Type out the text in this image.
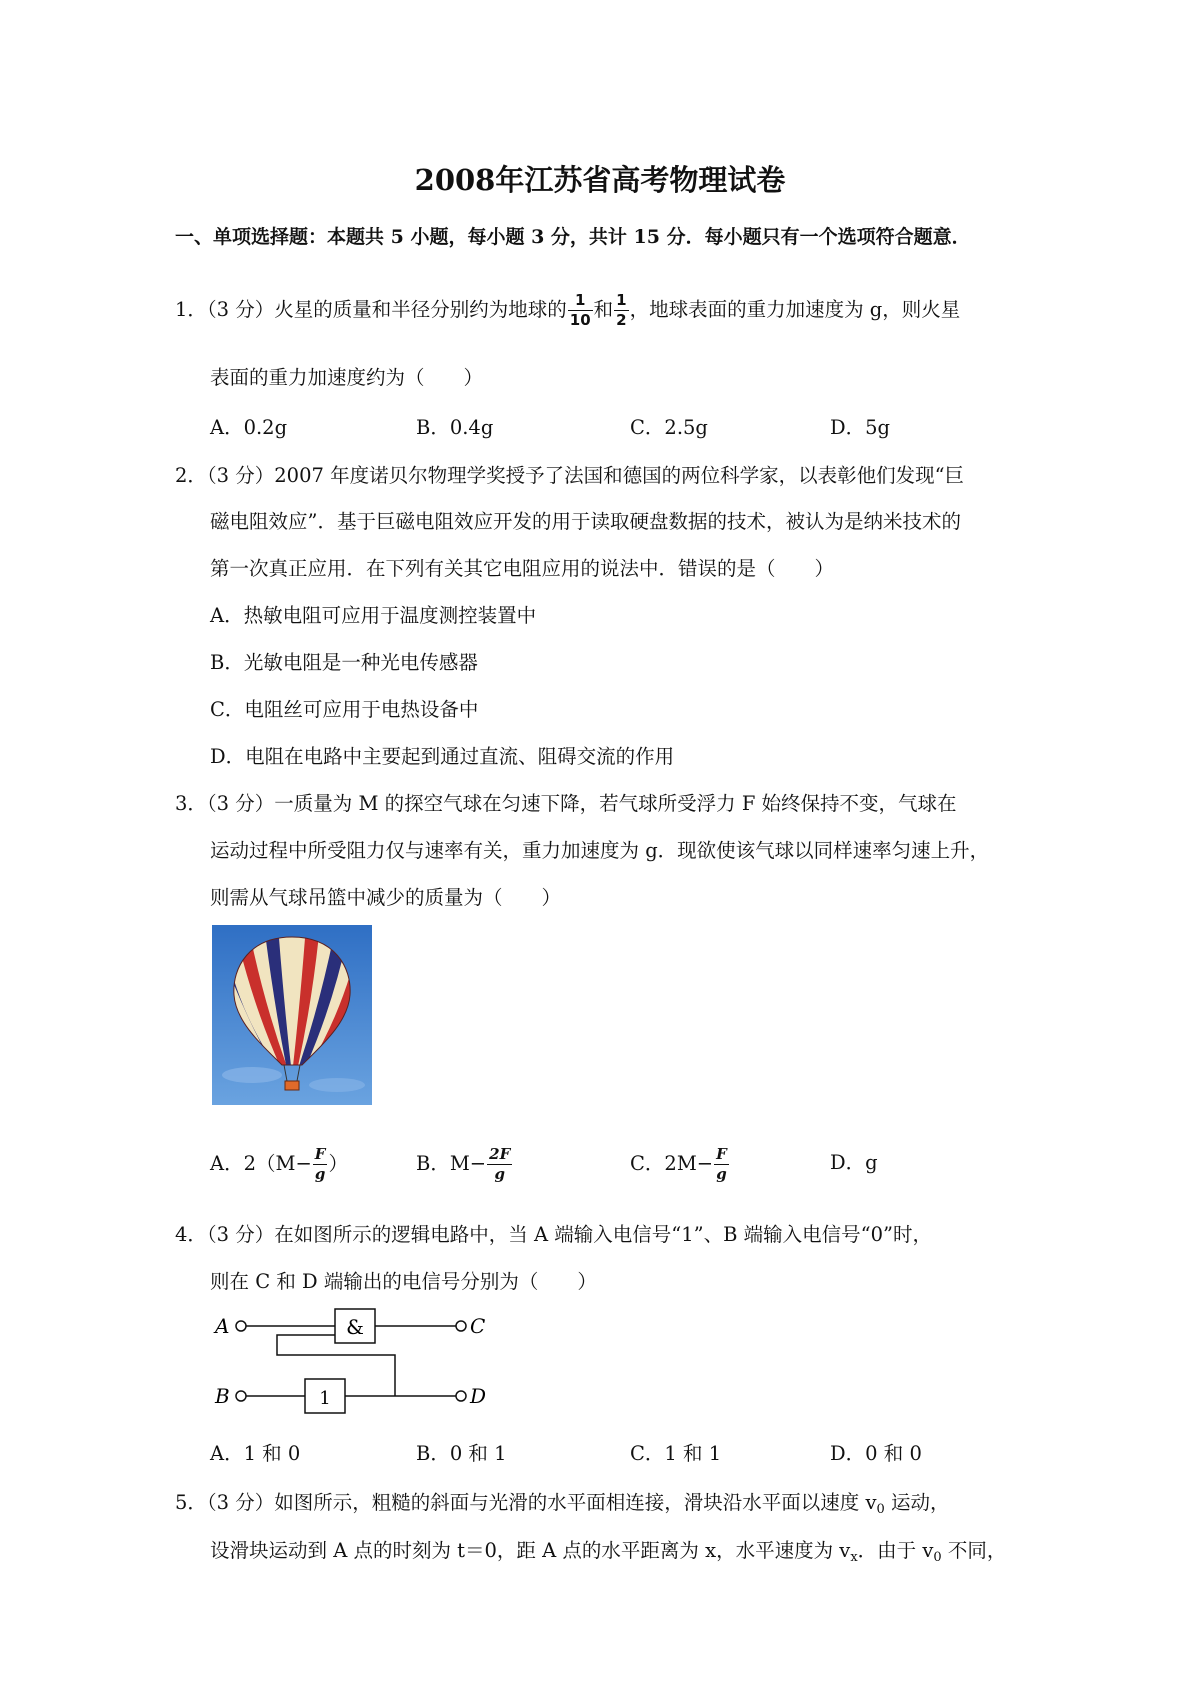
2008年江苏省高考物理试卷
一、单项选择题：本题共 5 小题，每小题 3 分，共计 15 分．每小题只有一个选项符合题意．
1．（3 分）火星的质量和半径分别约为地球的 $\frac{1}{10}$ 和 $\frac{1}{2}$ ，地球表面的重力加速度为 g，则火星
表面的重力加速度约为（　　）
A．0.2g	B．0.4g	C．2.5g	D．5g
2．（3 分）2007 年度诺贝尔物理学奖授予了法国和德国的两位科学家，以表彰他们发现“巨
磁电阻效应”．基于巨磁电阻效应开发的用于读取硬盘数据的技术，被认为是纳米技术的
第一次真正应用．在下列有关其它电阻应用的说法中．错误的是（　　）
A．热敏电阻可应用于温度测控装置中
B．光敏电阻是一种光电传感器
C．电阻丝可应用于电热设备中
D．电阻在电路中主要起到通过直流、阻碍交流的作用
3．（3 分）一质量为 M 的探空气球在匀速下降，若气球所受浮力 F 始终保持不变，气球在
运动过程中所受阻力仅与速率有关，重力加速度为 g．现欲使该气球以同样速率匀速上升，
则需从气球吊篮中减少的质量为（　　）
A．$2(M- \frac{F}{g}$ ）	B．$M- \frac{2F}{g}$	C．$2M- \frac{F}{g}$	D．g
4．（3 分）在如图所示的逻辑电路中，当 A 端输入电信号“1”、B 端输入电信号“0”时，
则在 C 和 D 端输出的电信号分别为（　　）
A
B
C
D
&
1
A．1 和 0	B．0 和 1	C．1 和 1	D．0 和 0
5．（3 分）如图所示，粗糙的斜面与光滑的水平面相连接，滑块沿水平面以速度 $v_0$ 运动，
设滑块运动到 A 点的时刻为 t＝0，距 A 点的水平距离为 x，水平速度为 $v_x$．由于 $v_0$ 不同，
